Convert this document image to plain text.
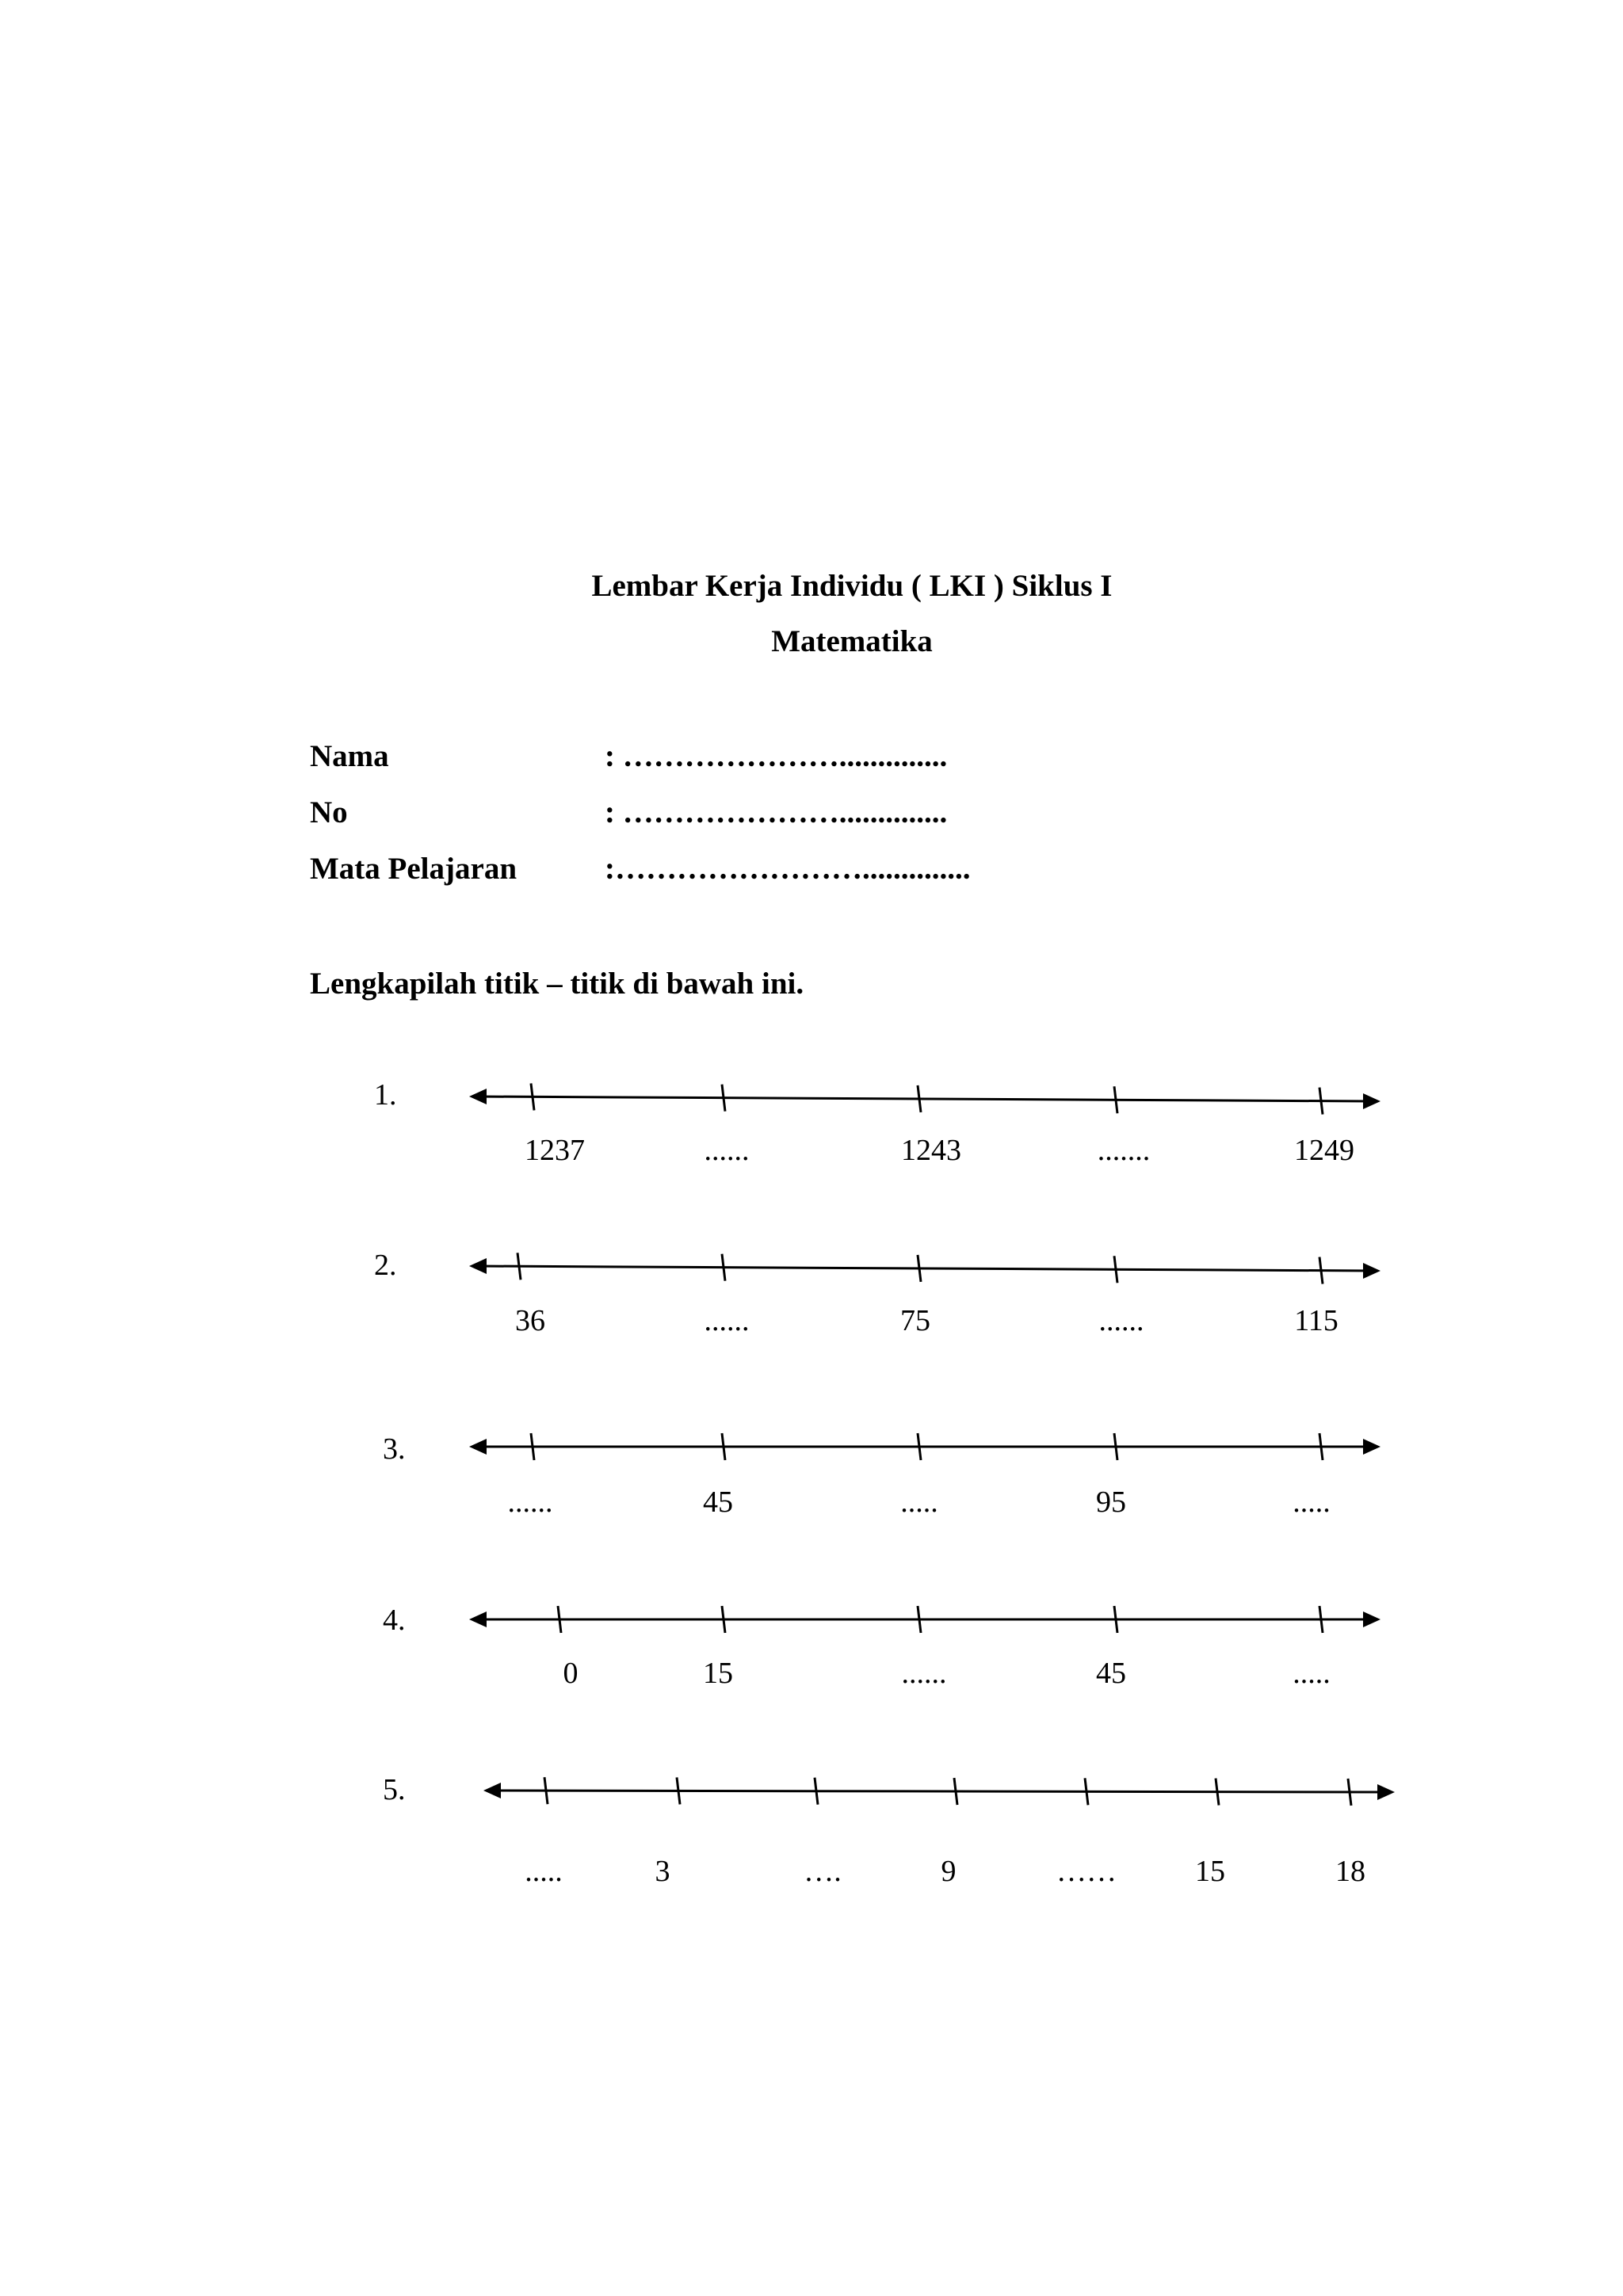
Lembar Kerja Individu ( LKI ) Siklus I
Matematika
Nama	: …………………..............
No	: …………………..............
Mata Pelajaran	:……………………..............
Lengkapilah titik – titik di bawah ini.
1.
2.
3.
4.
5.
1237	......	1243	.......	1249
36	......	75	......	115
......	45	.....	95	.....
0	15	......	45	.....
.....	3	….	9	……	15	18
